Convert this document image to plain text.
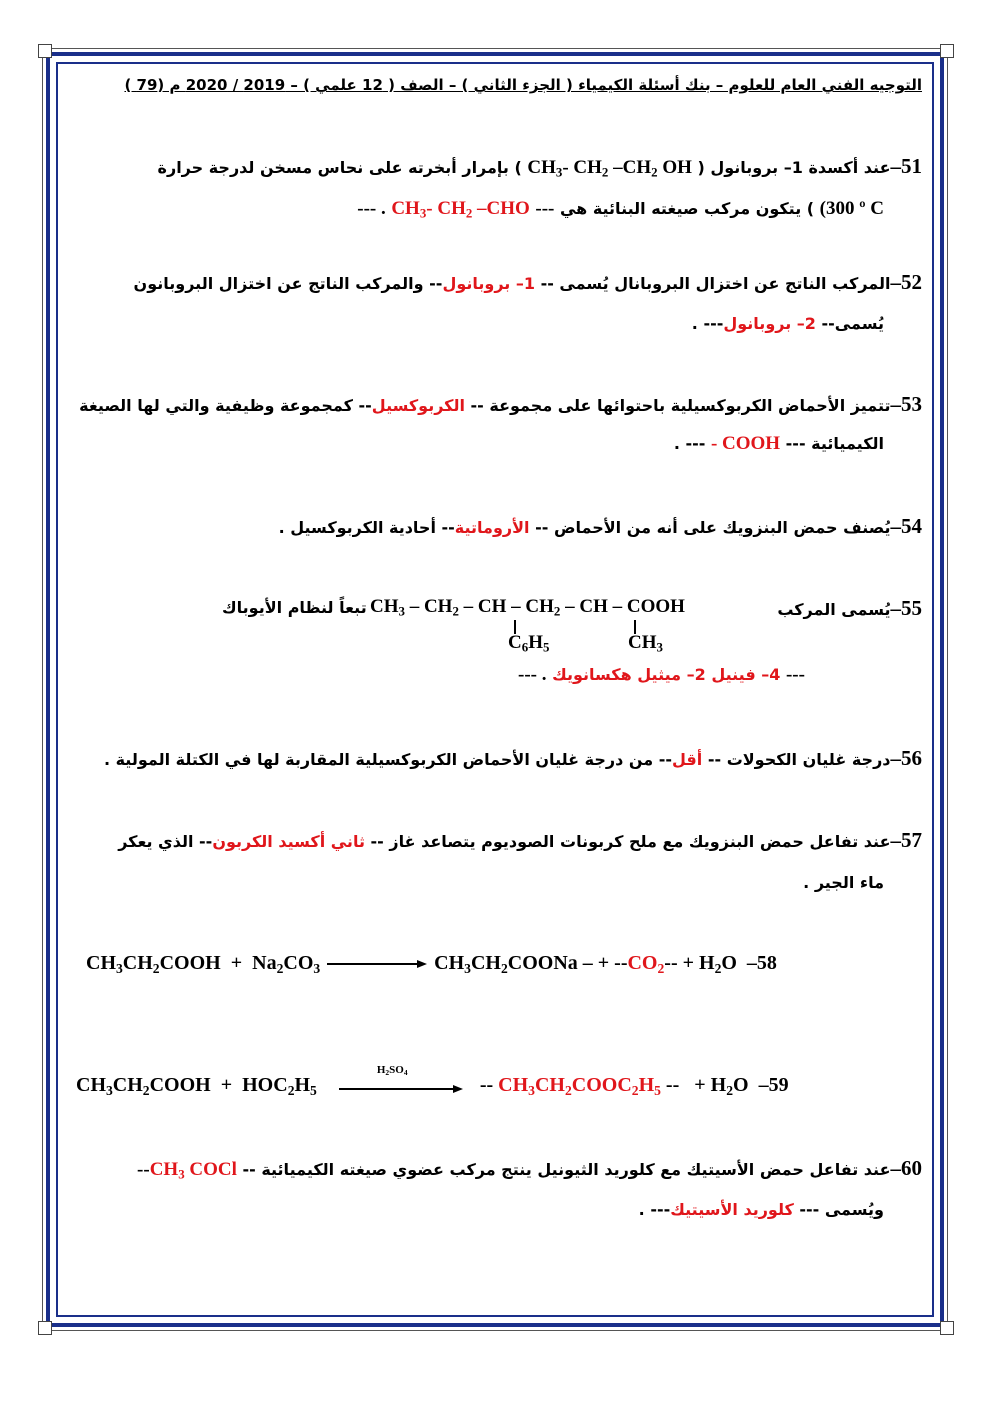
التوجيه الفني العام للعلوم – بنك أسئلة الكيمياء ( الجزء الثاني ) – الصف ( 12 علمي ) – 2019 / 2020 م (79 )
51–عند أكسدة 1– بروبانول ( $CH_3-$ $CH_2$ $-CH_2$ OH ) بإمرار أبخرته على نحاس مسخن لدرجة حرارة
(300 º C ) يتكون مركب صيغته البنائية هي --- $CH_3-$ $CH_2$ –CHO --- .
52–المركب الناتج عن اختزال البروبانال يُسمى -- 1– بروبانول-- والمركب الناتج عن اختزال البروبانون
يُسمى-- 2– بروبانول--- .
53–تتميز الأحماض الكربوكسيلية باحتوائها على مجموعة -- الكربوكسيل-- كمجموعة وظيفية والتي لها الصيغة
الكيميائية --- - COOH --- .
54–يُصنف حمض البنزويك على أنه من الأحماض -- الأروماتية-- أحادية الكربوكسيل .
55–يُسمى المركب
$CH_3 - CH_2$ – CH – $CH_2$ – CH – COOH
تبعاً لنظام الأيوباك
$C_6H_5$	$CH_3$
--- 4– فينيل 2– ميثيل هكسانويك --- .
56–درجة غليان الكحولات -- أقل-- من درجة غليان الأحماض الكربوكسيلية المقاربة لها في الكتلة المولية .
57–عند تفاعل حمض البنزويك مع ملح كربونات الصوديوم يتصاعد غاز -- ثاني أكسيد الكربون-- الذي يعكر
ماء الجير .
$CH_3CH_2COOH + Na_2CO_3$	$CH_3CH_2COONa$ – + $--CO_2-- + H_2O$ –58
$CH_3CH_2COOH + HOC_2H_5$
$H_2SO_4$
-- $CH_3CH_2COOC_2H_5$ --   + $H_2O$ –59
60–عند تفاعل حمض الأسيتيك مع كلوريد الثيونيل ينتج مركب عضوي صيغته الكيميائية -- $CH_3$ COCl--
ويُسمى --- كلوريد الأسيتيك--- .
